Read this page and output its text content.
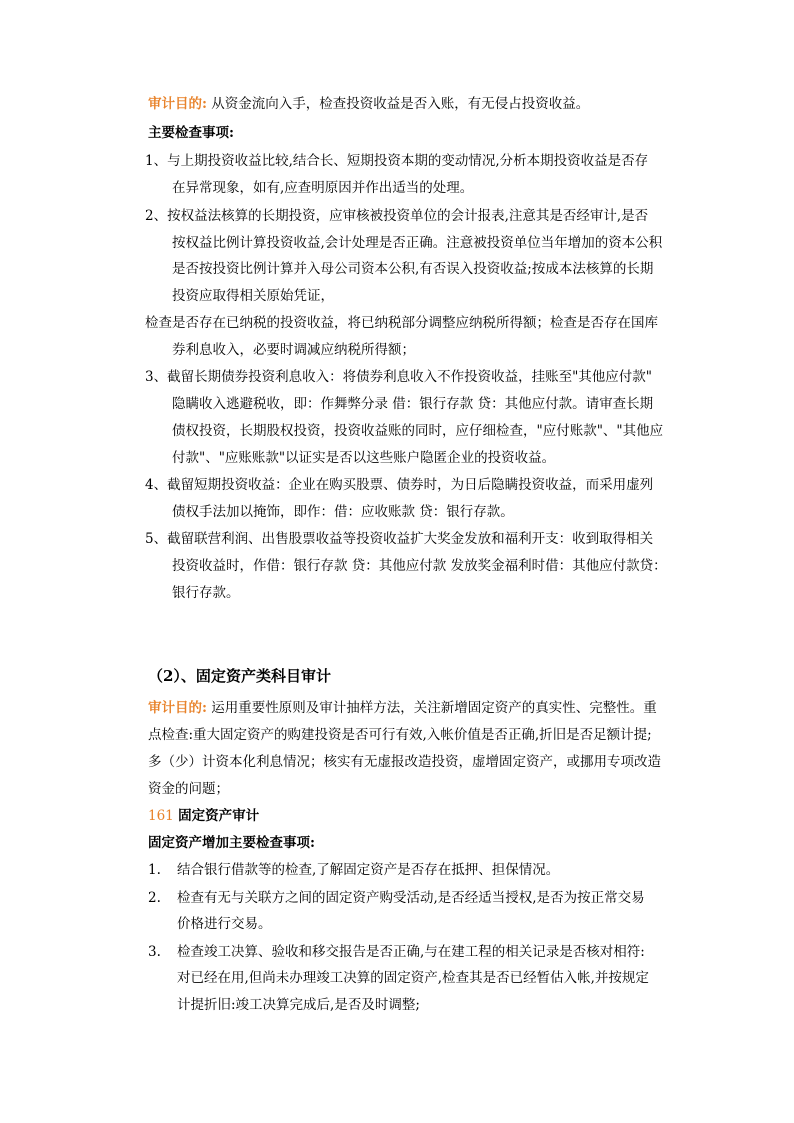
审计目的: 从资金流向入手，检查投资收益是否入账，有无侵占投资收益。
主要检查事项:
1、与上期投资收益比较,结合长、短期投资本期的变动情况,分析本期投资收益是否存
在异常现象，如有,应查明原因并作出适当的处理。
2、按权益法核算的长期投资，应审核被投资单位的会计报表,注意其是否经审计,是否
按权益比例计算投资收益,会计处理是否正确。注意被投资单位当年增加的资本公积
是否按投资比例计算并入母公司资本公积,有否误入投资收益;按成本法核算的长期
投资应取得相关原始凭证，
检查是否存在已纳税的投资收益，将已纳税部分调整应纳税所得额；检查是否存在国库
券利息收入，必要时调减应纳税所得额；
3、截留长期债券投资利息收入：将债券利息收入不作投资收益，挂账至"其他应付款"
隐瞒收入逃避税收，即：作舞弊分录 借：银行存款 贷：其他应付款。请审查长期
债权投资，长期股权投资，投资收益账的同时，应仔细检查，"应付账款"、"其他应
付款"、"应账账款"以证实是否以这些账户隐匿企业的投资收益。
4、截留短期投资收益：企业在购买股票、债券时，为日后隐瞒投资收益，而采用虚列
债权手法加以掩饰，即作：借：应收账款 贷：银行存款。
5、截留联营利润、出售股票收益等投资收益扩大奖金发放和福利开支：收到取得相关
投资收益时，作借：银行存款 贷：其他应付款 发放奖金福利时借：其他应付款贷：
银行存款。
（2）、固定资产类科目审计
审计目的: 运用重要性原则及审计抽样方法，关注新增固定资产的真实性、完整性。重
点检查:重大固定资产的购建投资是否可行有效,入帐价值是否正确,折旧是否足额计提;
多（少）计资本化利息情况；核实有无虚报改造投资，虚增固定资产，或挪用专项改造
资金的问题；
161 固定资产审计
固定资产增加主要检查事项:
1. 结合银行借款等的检查,了解固定资产是否存在抵押、担保情况。
2. 检查有无与关联方之间的固定资产购受活动,是否经适当授权,是否为按正常交易
价格进行交易。
3. 检查竣工决算、验收和移交报告是否正确,与在建工程的相关记录是否核对相符:
对已经在用,但尚未办理竣工决算的固定资产,检查其是否已经暂估入帐,并按规定
计提折旧:竣工决算完成后,是否及时调整;
